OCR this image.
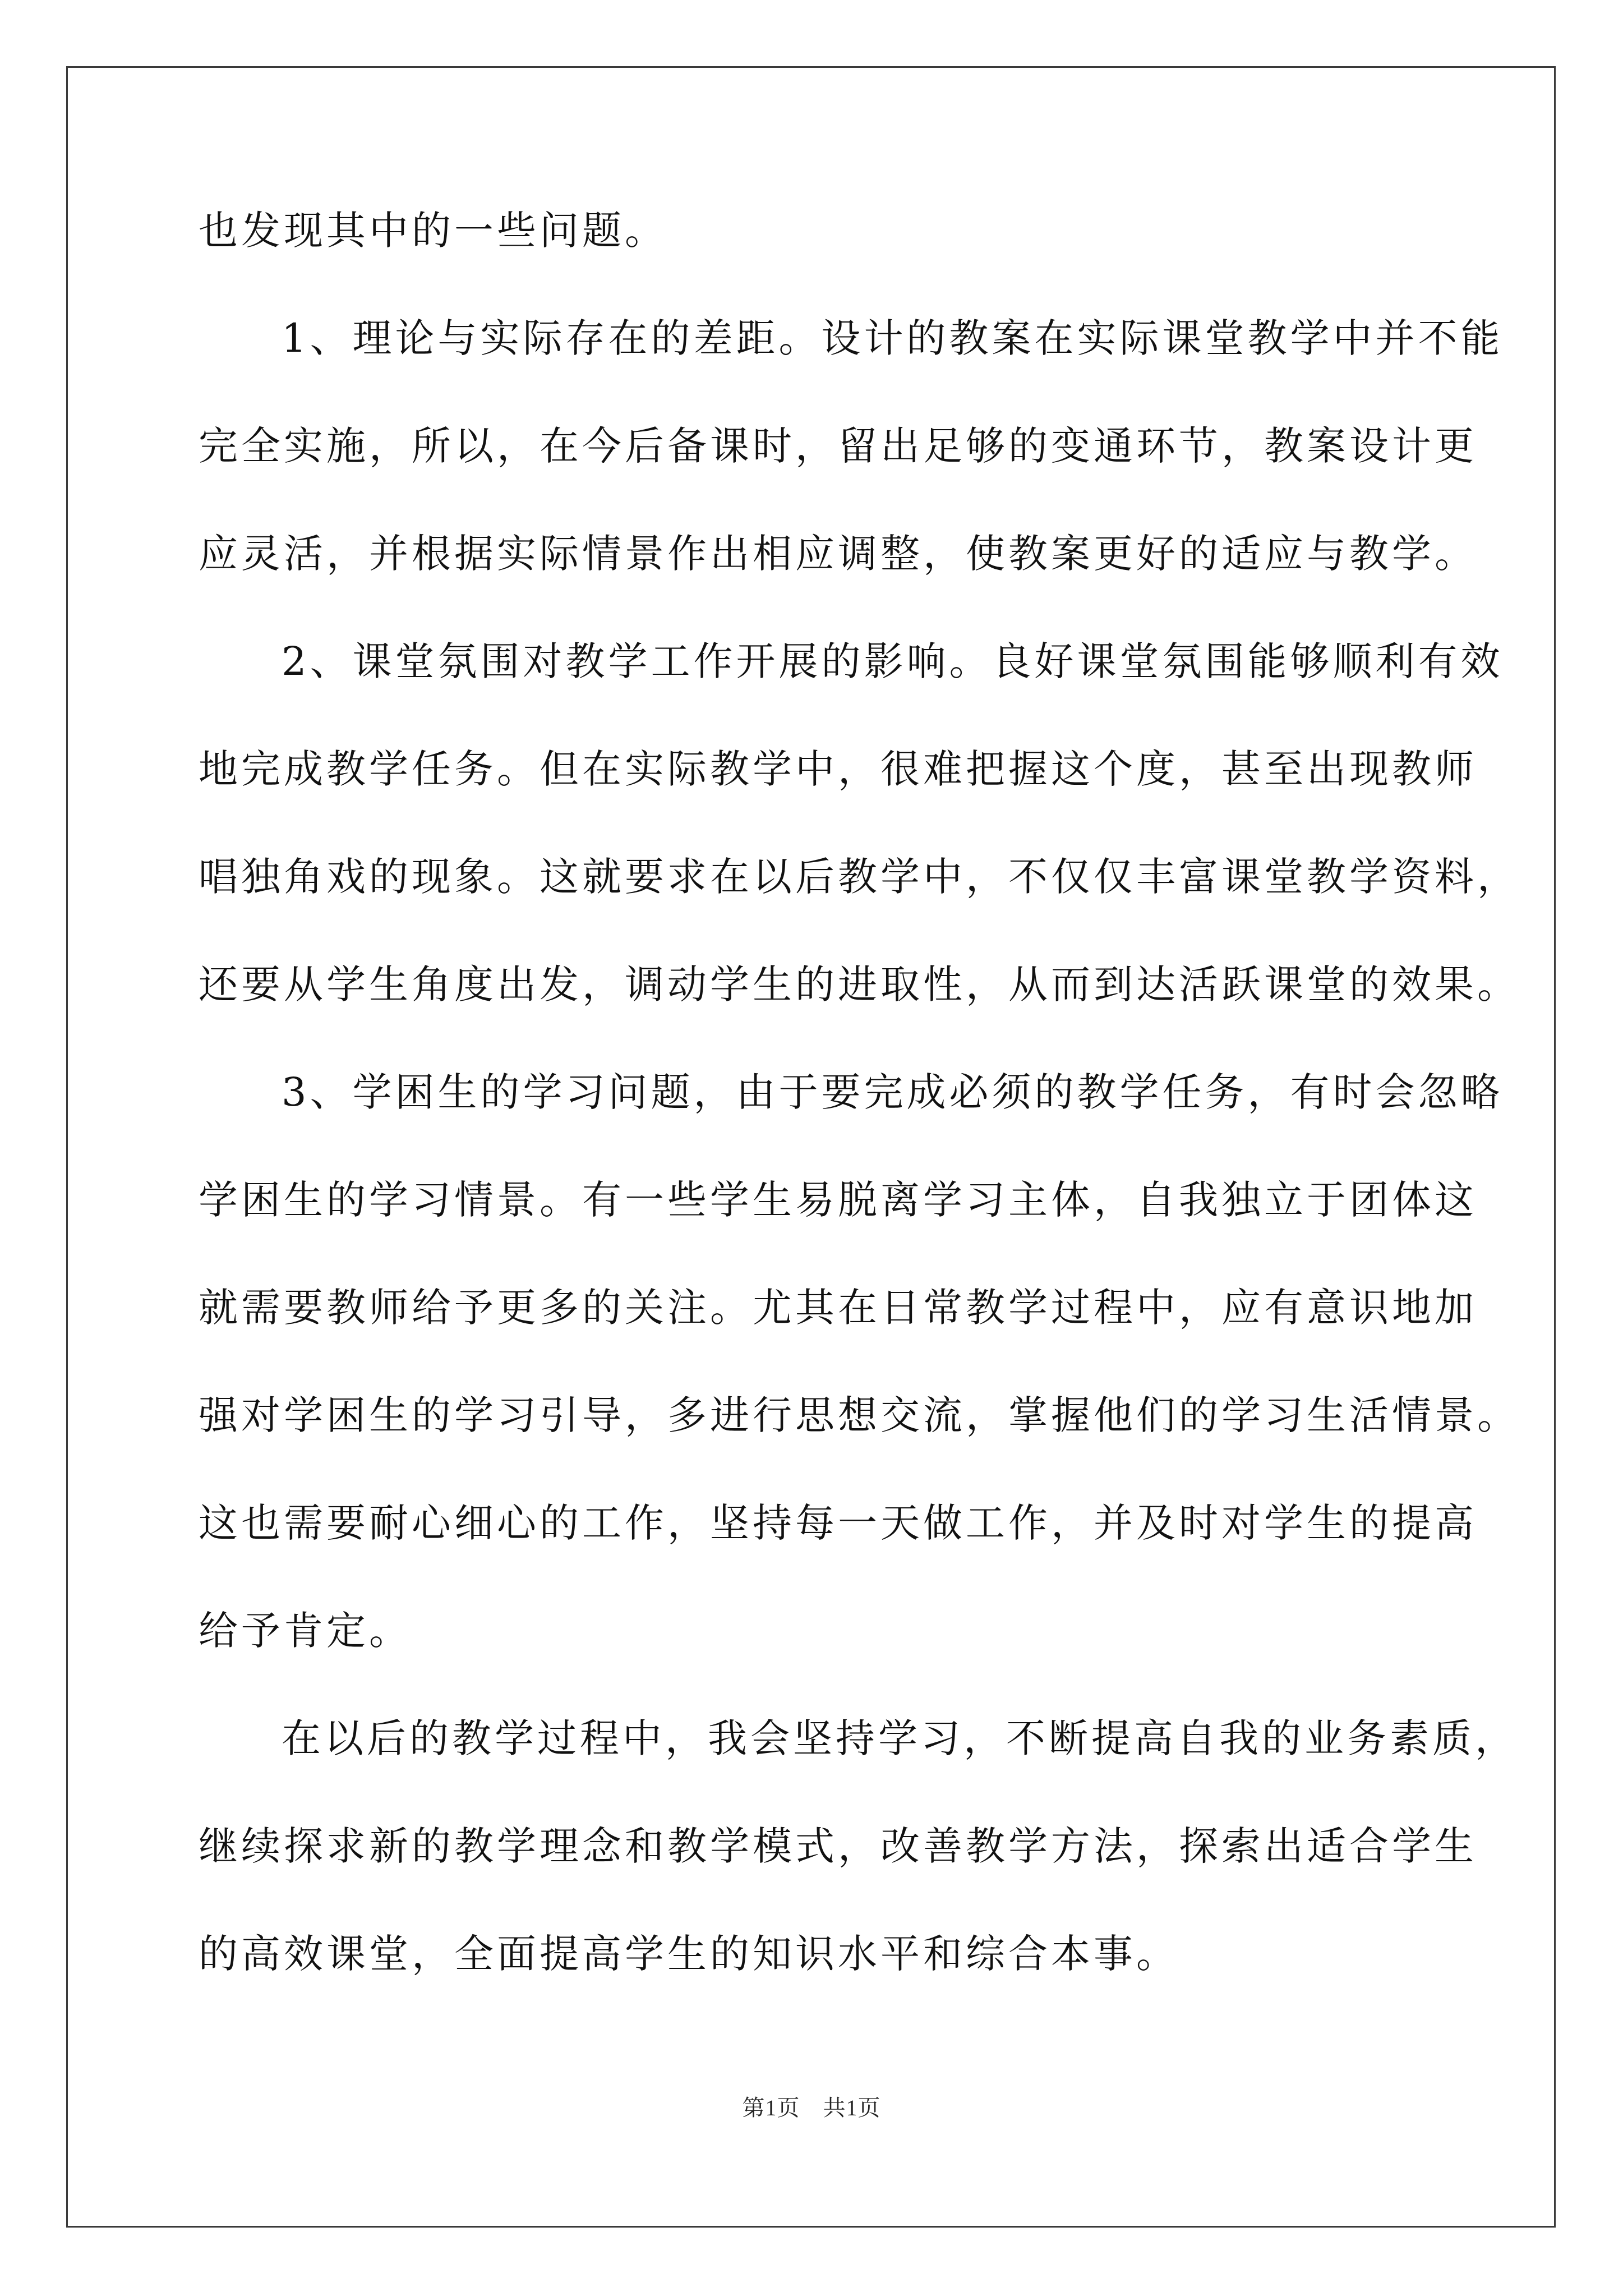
也发现其中的一些问题。
1、理论与实际存在的差距。设计的教案在实际课堂教学中并不能
完全实施，所以，在今后备课时，留出足够的变通环节，教案设计更
应灵活，并根据实际情景作出相应调整，使教案更好的适应与教学。
2、课堂氛围对教学工作开展的影响。良好课堂氛围能够顺利有效
地完成教学任务。但在实际教学中，很难把握这个度，甚至出现教师
唱独角戏的现象。这就要求在以后教学中，不仅仅丰富课堂教学资料，
还要从学生角度出发，调动学生的进取性，从而到达活跃课堂的效果。
3、学困生的学习问题，由于要完成必须的教学任务，有时会忽略
学困生的学习情景。有一些学生易脱离学习主体，自我独立于团体这
就需要教师给予更多的关注。尤其在日常教学过程中，应有意识地加
强对学困生的学习引导，多进行思想交流，掌握他们的学习生活情景。
这也需要耐心细心的工作，坚持每一天做工作，并及时对学生的提高
给予肯定。
在以后的教学过程中，我会坚持学习，不断提高自我的业务素质，
继续探求新的教学理念和教学模式，改善教学方法，探索出适合学生
的高效课堂，全面提高学生的知识水平和综合本事。
第1页　共1页
